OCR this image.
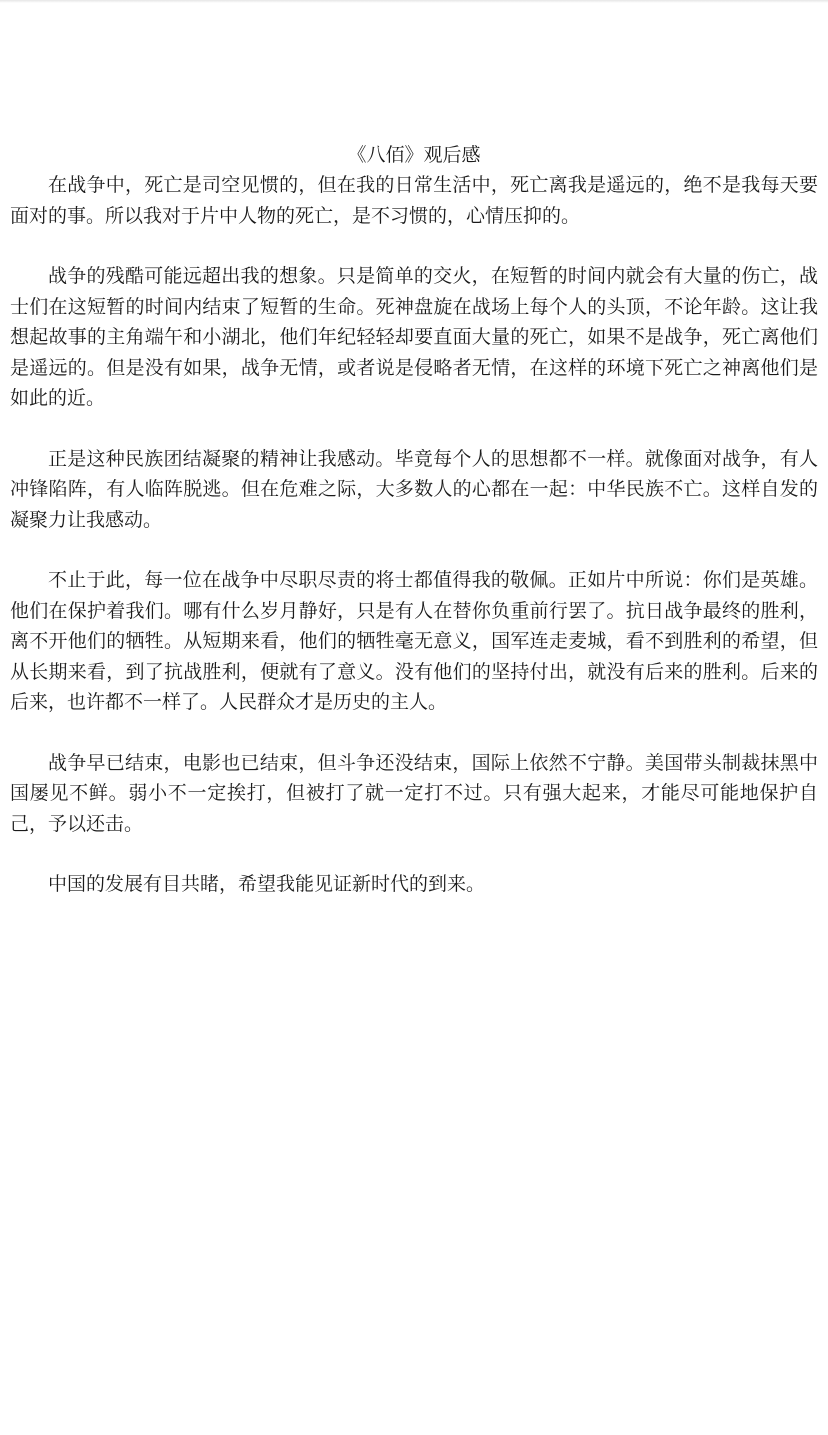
《八佰》观后感

在战争中，死亡是司空见惯的，但在我的日常生活中，死亡离我是遥远的，绝不是我每天要面对的事。所以我对于片中人物的死亡，是不习惯的，心情压抑的。

战争的残酷可能远超出我的想象。只是简单的交火，在短暂的时间内就会有大量的伤亡，战士们在这短暂的时间内结束了短暂的生命。死神盘旋在战场上每个人的头顶，不论年龄。这让我想起故事的主角端午和小湖北，他们年纪轻轻却要直面大量的死亡，如果不是战争，死亡离他们是遥远的。但是没有如果，战争无情，或者说是侵略者无情，在这样的环境下死亡之神离他们是如此的近。

正是这种民族团结凝聚的精神让我感动。毕竟每个人的思想都不一样。就像面对战争，有人冲锋陷阵，有人临阵脱逃。但在危难之际，大多数人的心都在一起：中华民族不亡。这样自发的凝聚力让我感动。

不止于此，每一位在战争中尽职尽责的将士都值得我的敬佩。正如片中所说：你们是英雄。他们在保护着我们。哪有什么岁月静好，只是有人在替你负重前行罢了。抗日战争最终的胜利，离不开他们的牺牲。从短期来看，他们的牺牲毫无意义，国军连走麦城，看不到胜利的希望，但从长期来看，到了抗战胜利，便就有了意义。没有他们的坚持付出，就没有后来的胜利。后来的后来，也许都不一样了。人民群众才是历史的主人。

战争早已结束，电影也已结束，但斗争还没结束，国际上依然不宁静。美国带头制裁抹黑中国屡见不鲜。弱小不一定挨打，但被打了就一定打不过。只有强大起来，才能尽可能地保护自己，予以还击。

中国的发展有目共睹，希望我能见证新时代的到来。
